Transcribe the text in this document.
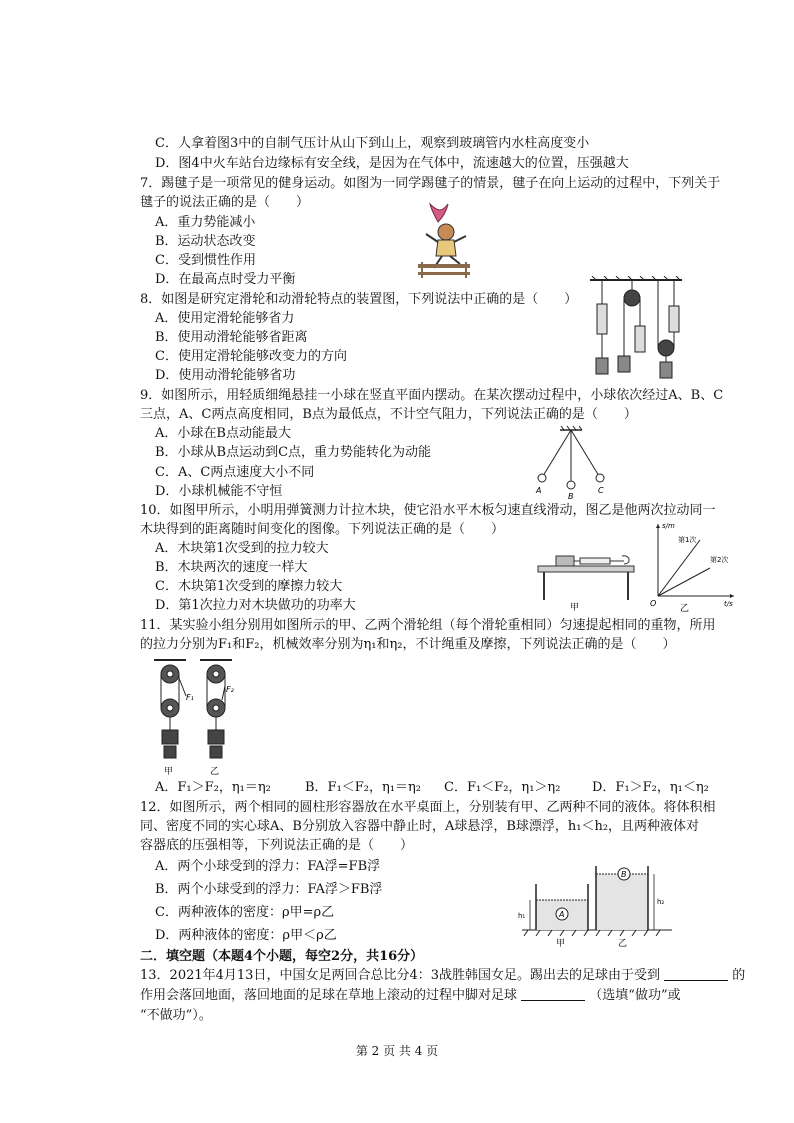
C．人拿着图3中的自制气压计从山下到山上，观察到玻璃管内水柱高度变小
D．图4中火车站台边缘标有安全线，是因为在气体中，流速越大的位置，压强越大
7．踢毽子是一项常见的健身运动。如图为一同学踢毽子的情景，毽子在向上运动的过程中，下列关于
毽子的说法正确的是（　　）
A．重力势能减小
B．运动状态改变
C．受到惯性作用
D．在最高点时受力平衡
8．如图是研究定滑轮和动滑轮特点的装置图，下列说法中正确的是（　　）
A．使用定滑轮能够省力
B．使用动滑轮能够省距离
C．使用定滑轮能够改变力的方向
D．使用动滑轮能够省功
9．如图所示，用轻质细绳悬挂一小球在竖直平面内摆动。在某次摆动过程中，小球依次经过A、B、C
三点，A、C两点高度相同，B点为最低点，不计空气阻力，下列说法正确的是（　　）
A．小球在B点动能最大
B．小球从B点运动到C点，重力势能转化为动能
C．A、C两点速度大小不同
D．小球机械能不守恒	A
B
C
10．如图甲所示，小明用弹簧测力计拉木块，使它沿水平木板匀速直线滑动，图乙是他两次拉动同一
木块得到的距离随时间变化的图像。下列说法正确的是（　　）
A．木块第1次受到的拉力较大
B．木块两次的速度一样大
C．木块第1次受到的摩擦力较大
D．第1次拉力对木块做功的功率大	甲
s/m
t/s
O
第1次
第2次
乙
11．某实验小组分别用如图所示的甲、乙两个滑轮组（每个滑轮重相同）匀速提起相同的重物，所用
的拉力分别为F₁和F₂，机械效率分别为η₁和η₂，不计绳重及摩擦，下列说法正确的是（　　）
F₁
F₂
甲	乙
A．F₁＞F₂，η₁＝η₂	B．F₁＜F₂，η₁＝η₂ C．F₁＜F₂，η₁＞η₂ D．F₁＞F₂，η₁＜η₂
12．如图所示，两个相同的圆柱形容器放在水平桌面上，分别装有甲、乙两种不同的液体。将体积相
同、密度不同的实心球A、B分别放入容器中静止时，A球悬浮，B球漂浮，h₁＜h₂，且两种液体对
容器底的压强相等，下列说法正确的是（　　）
A．两个小球受到的浮力：FA浮=FB浮
B．两个小球受到的浮力：FA浮＞FB浮
C．两种液体的密度：ρ甲=ρ乙
D．两种液体的密度：ρ甲＜ρ乙
A
h₁
B
h₂
甲	乙
二．填空题（本题4个小题，每空2分，共16分）
13．2021年4月13日，中国女足两回合总比分4：3战胜韩国女足。踢出去的足球由于受到	的
作用会落回地面，落回地面的足球在草地上滚动的过程中脚对足球	（选填“做功”或
“不做功”）。
第 2 页 共 4 页
